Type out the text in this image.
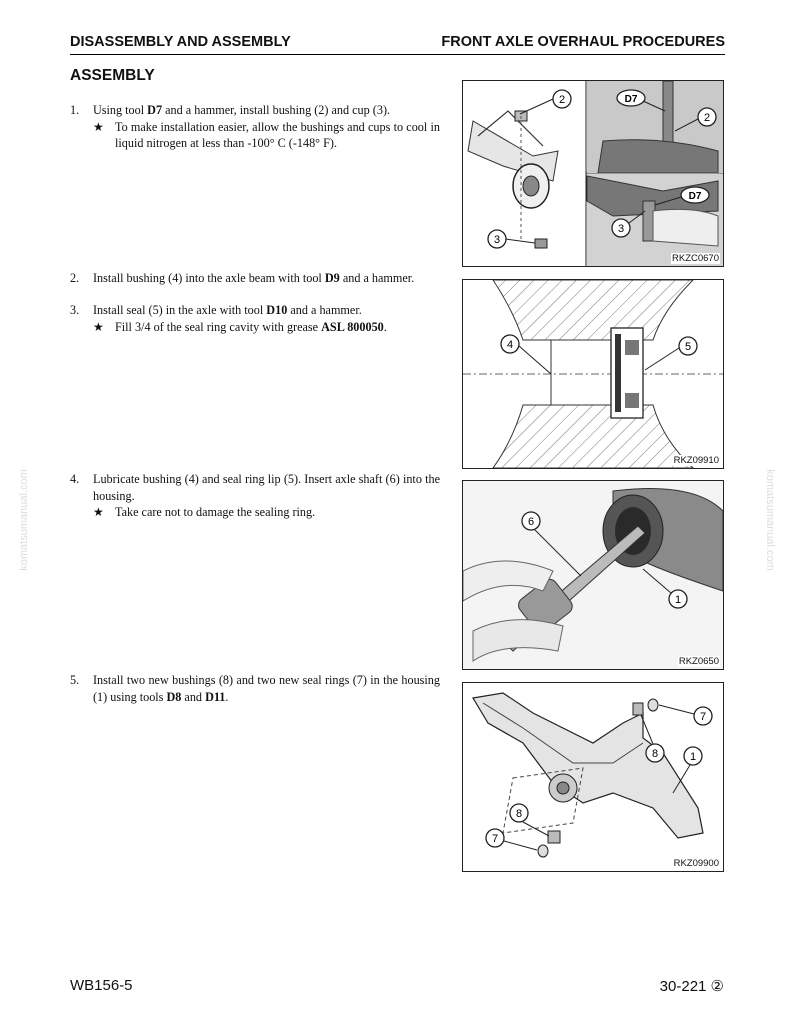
DISASSEMBLY AND ASSEMBLY	FRONT AXLE OVERHAUL PROCEDURES
ASSEMBLY
1. Using tool D7 and a hammer, install bushing (2) and cup (3).
★ To make installation easier, allow the bushings and cups to cool in liquid nitrogen at less than -100° C (-148° F).
2. Install bushing (4) into the axle beam with tool D9 and a hammer.
3. Install seal (5) in the axle with tool D10 and a hammer.
★ Fill 3/4 of the seal ring cavity with grease ASL 800050.
4. Lubricate bushing (4) and seal ring lip (5). Insert axle shaft (6) into the housing.
★ Take care not to damage the sealing ring.
5. Install two new bushings (8) and two new seal rings (7) in the housing (1) using tools D8 and D11.
2
3
D7
2
D7
3
RKZC0670
4	5
RKZ09910
6
1
RKZ0650
7
8	1
8
7
RKZ09900
komatsumanual.com	komatsumanual.com
WB156-5	30-221 ②
